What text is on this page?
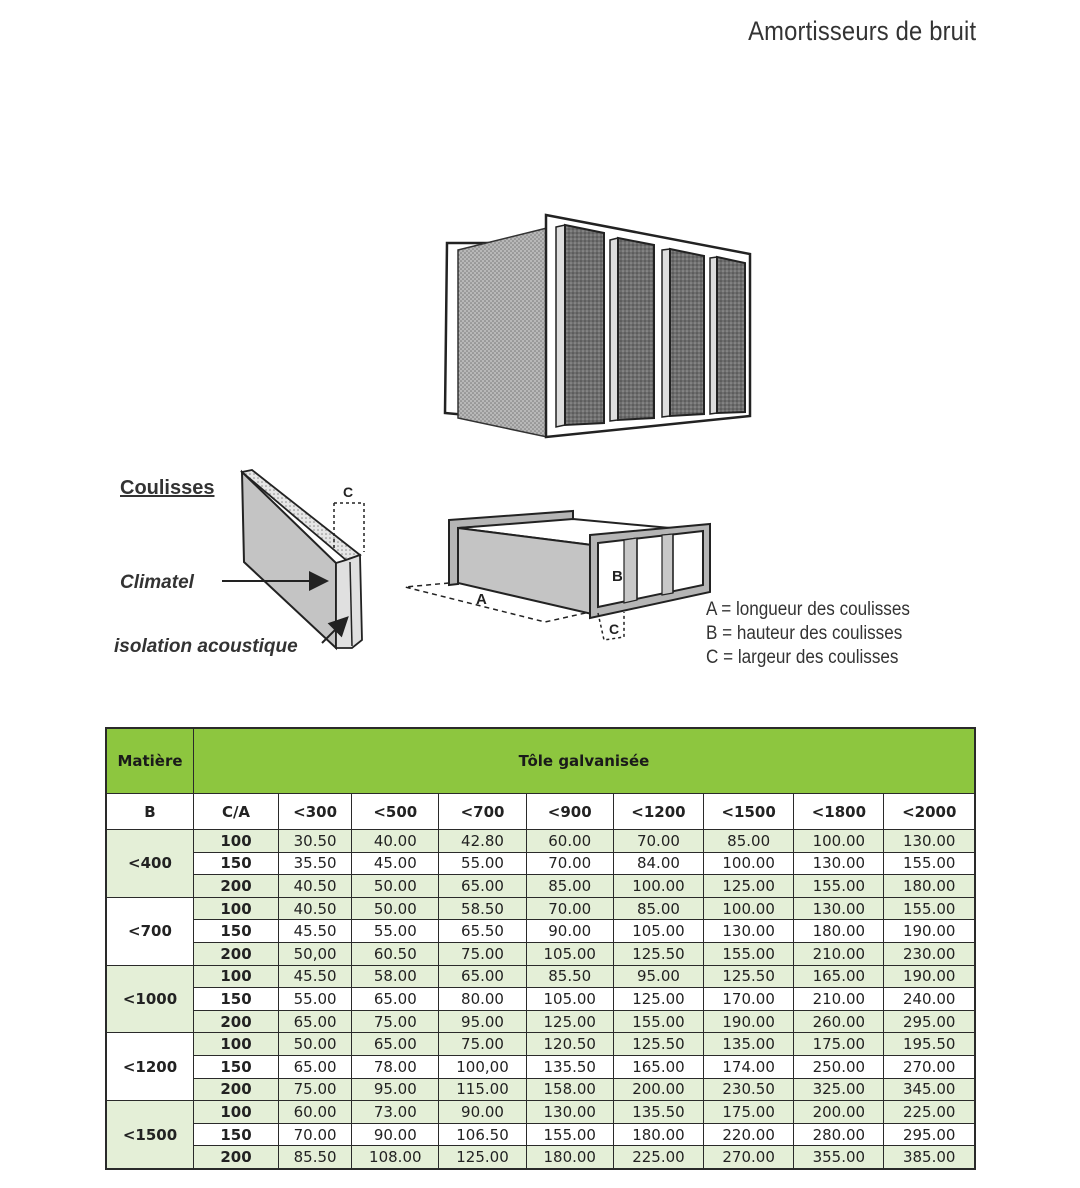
Amortisseurs de bruit
C
A
B
C
Coulisses
Climatel
isolation acoustique
A = longueur des coulisses
B = hauteur des coulisses
C = largeur des coulisses
Matière	Tôle galvanisée								
B	C/A	<300	<500	<700	<900	<1200	<1500	<1800	<2000
<400	100	30.50	40.00	42.80	60.00	70.00	85.00	100.00	130.00
	150	35.50	45.00	55.00	70.00	84.00	100.00	130.00	155.00
	200	40.50	50.00	65.00	85.00	100.00	125.00	155.00	180.00
<700	100	40.50	50.00	58.50	70.00	85.00	100.00	130.00	155.00
	150	45.50	55.00	65.50	90.00	105.00	130.00	180.00	190.00
	200	50,00	60.50	75.00	105.00	125.50	155.00	210.00	230.00
<1000	100	45.50	58.00	65.00	85.50	95.00	125.50	165.00	190.00
	150	55.00	65.00	80.00	105.00	125.00	170.00	210.00	240.00
	200	65.00	75.00	95.00	125.00	155.00	190.00	260.00	295.00
<1200	100	50.00	65.00	75.00	120.50	125.50	135.00	175.00	195.50
	150	65.00	78.00	100,00	135.50	165.00	174.00	250.00	270.00
	200	75.00	95.00	115.00	158.00	200.00	230.50	325.00	345.00
<1500	100	60.00	73.00	90.00	130.00	135.50	175.00	200.00	225.00
	150	70.00	90.00	106.50	155.00	180.00	220.00	280.00	295.00
	200	85.50	108.00	125.00	180.00	225.00	270.00	355.00	385.00
